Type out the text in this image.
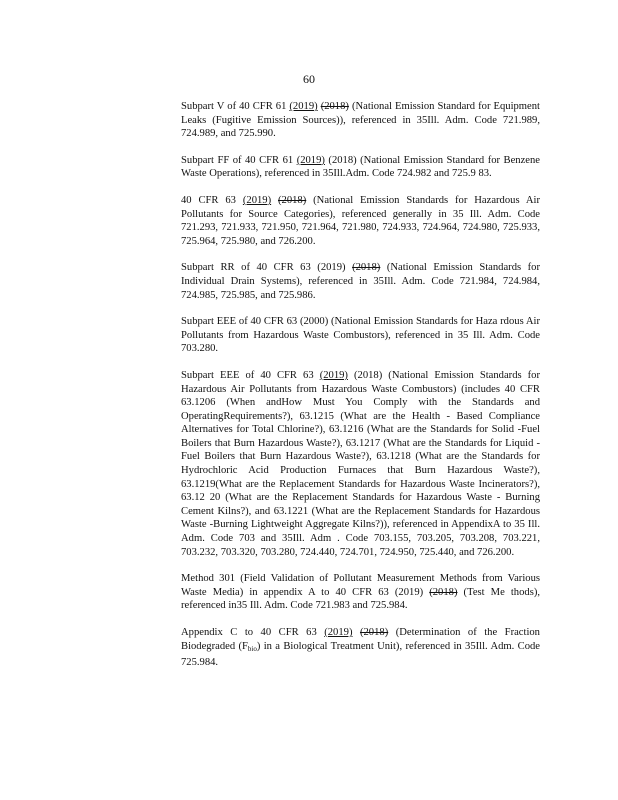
60

Subpart V of 40 CFR 61 (2019) (2018) (National Emission Standard for Equipment Leaks (Fugitive Emission Sources)), referenced in 35Ill. Adm. Code 721.989, 724.989, and 725.990.

Subpart FF of 40 CFR 61 (2019) (2018) (National Emission Standard for Benzene Waste Operations), referenced in 35Ill.Adm. Code 724.982 and 725.9 83.

40 CFR 63 (2019) (2018) (National Emission Standards for Hazardous Air Pollutants for Source Categories), referenced generally in 35 Ill. Adm. Code 721.293, 721.933, 721.950, 721.964, 721.980, 724.933, 724.964, 724.980, 725.933, 725.964, 725.980, and 726.200.

Subpart RR of 40 CFR 63 (2019) (2018) (National Emission Standards for Individual Drain Systems), referenced in 35Ill. Adm. Code 721.984, 724.984, 724.985, 725.985, and 725.986.

Subpart EEE of 40 CFR 63 (2000) (National Emission Standards for Haza rdous Air Pollutants from Hazardous Waste Combustors), referenced in 35 Ill. Adm. Code 703.280.

Subpart EEE of 40 CFR 63 (2019) (2018) (National Emission Standards for Hazardous Air Pollutants from Hazardous Waste Combustors) (includes 40 CFR 63.1206 (When andHow Must You Comply with the Standards and OperatingRequirements?), 63.1215 (What are the Health - Based Compliance Alternatives for Total Chlorine?), 63.1216 (What are the Standards for Solid -Fuel Boilers that Burn Hazardous Waste?), 63.1217 (What are the Standards for Liquid -Fuel Boilers that Burn Hazardous Waste?), 63.1218 (What are the Standards for Hydrochloric Acid Production Furnaces that Burn Hazardous Waste?), 63.1219(What are the Replacement Standards for Hazardous Waste Incinerators?), 63.12 20 (What are the Replacement Standards for Hazardous Waste - Burning Cement Kilns?), and 63.1221 (What are the Replacement Standards for Hazardous Waste -Burning Lightweight Aggregate Kilns?)), referenced in AppendixA to 35 Ill. Adm. Code 703 and 35Ill. Adm . Code 703.155, 703.205, 703.208, 703.221, 703.232, 703.320, 703.280, 724.440, 724.701, 724.950, 725.440, and 726.200.

Method 301 (Field Validation of Pollutant Measurement Methods from Various Waste Media) in appendix A to 40 CFR 63 (2019) (2018) (Test Me thods), referenced in35 Ill. Adm. Code 721.983 and 725.984.

Appendix C to 40 CFR 63 (2019) (2018) (Determination of the Fraction Biodegraded $(F_{bio})$ in a Biological Treatment Unit), referenced in 35Ill. Adm. Code 725.984.
